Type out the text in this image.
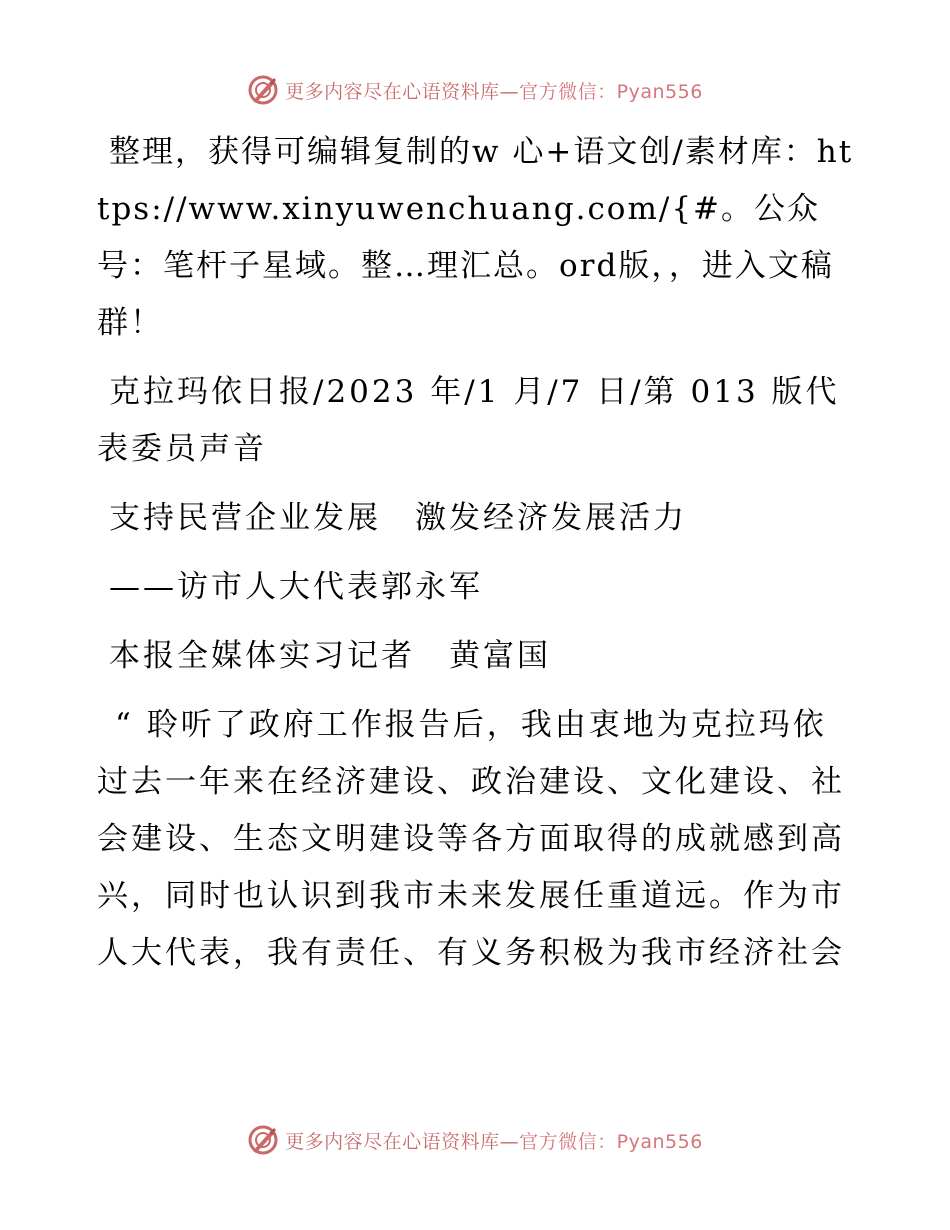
更多内容尽在心语资料库—官方微信：Pyan556

整理，获得可编辑复制的w 心+语文创/素材库：https://www.xinyuwenchuang.com/{#。公众号：笔杆子星域。整…理汇总。ord版，，进入文稿群！

克拉玛依日报/2023 年/1 月/7 日/第 013 版代表委员声音

支持民营企业发展　激发经济发展活力

——访市人大代表郭永军

本报全媒体实习记者　黄富国

“ 聆听了政府工作报告后，我由衷地为克拉玛依过去一年来在经济建设、政治建设、文化建设、社会建设、生态文明建设等各方面取得的成就感到高兴，同时也认识到我市未来发展任重道远。作为市人大代表，我有责任、有义务积极为我市经济社会

更多内容尽在心语资料库—官方微信：Pyan556
